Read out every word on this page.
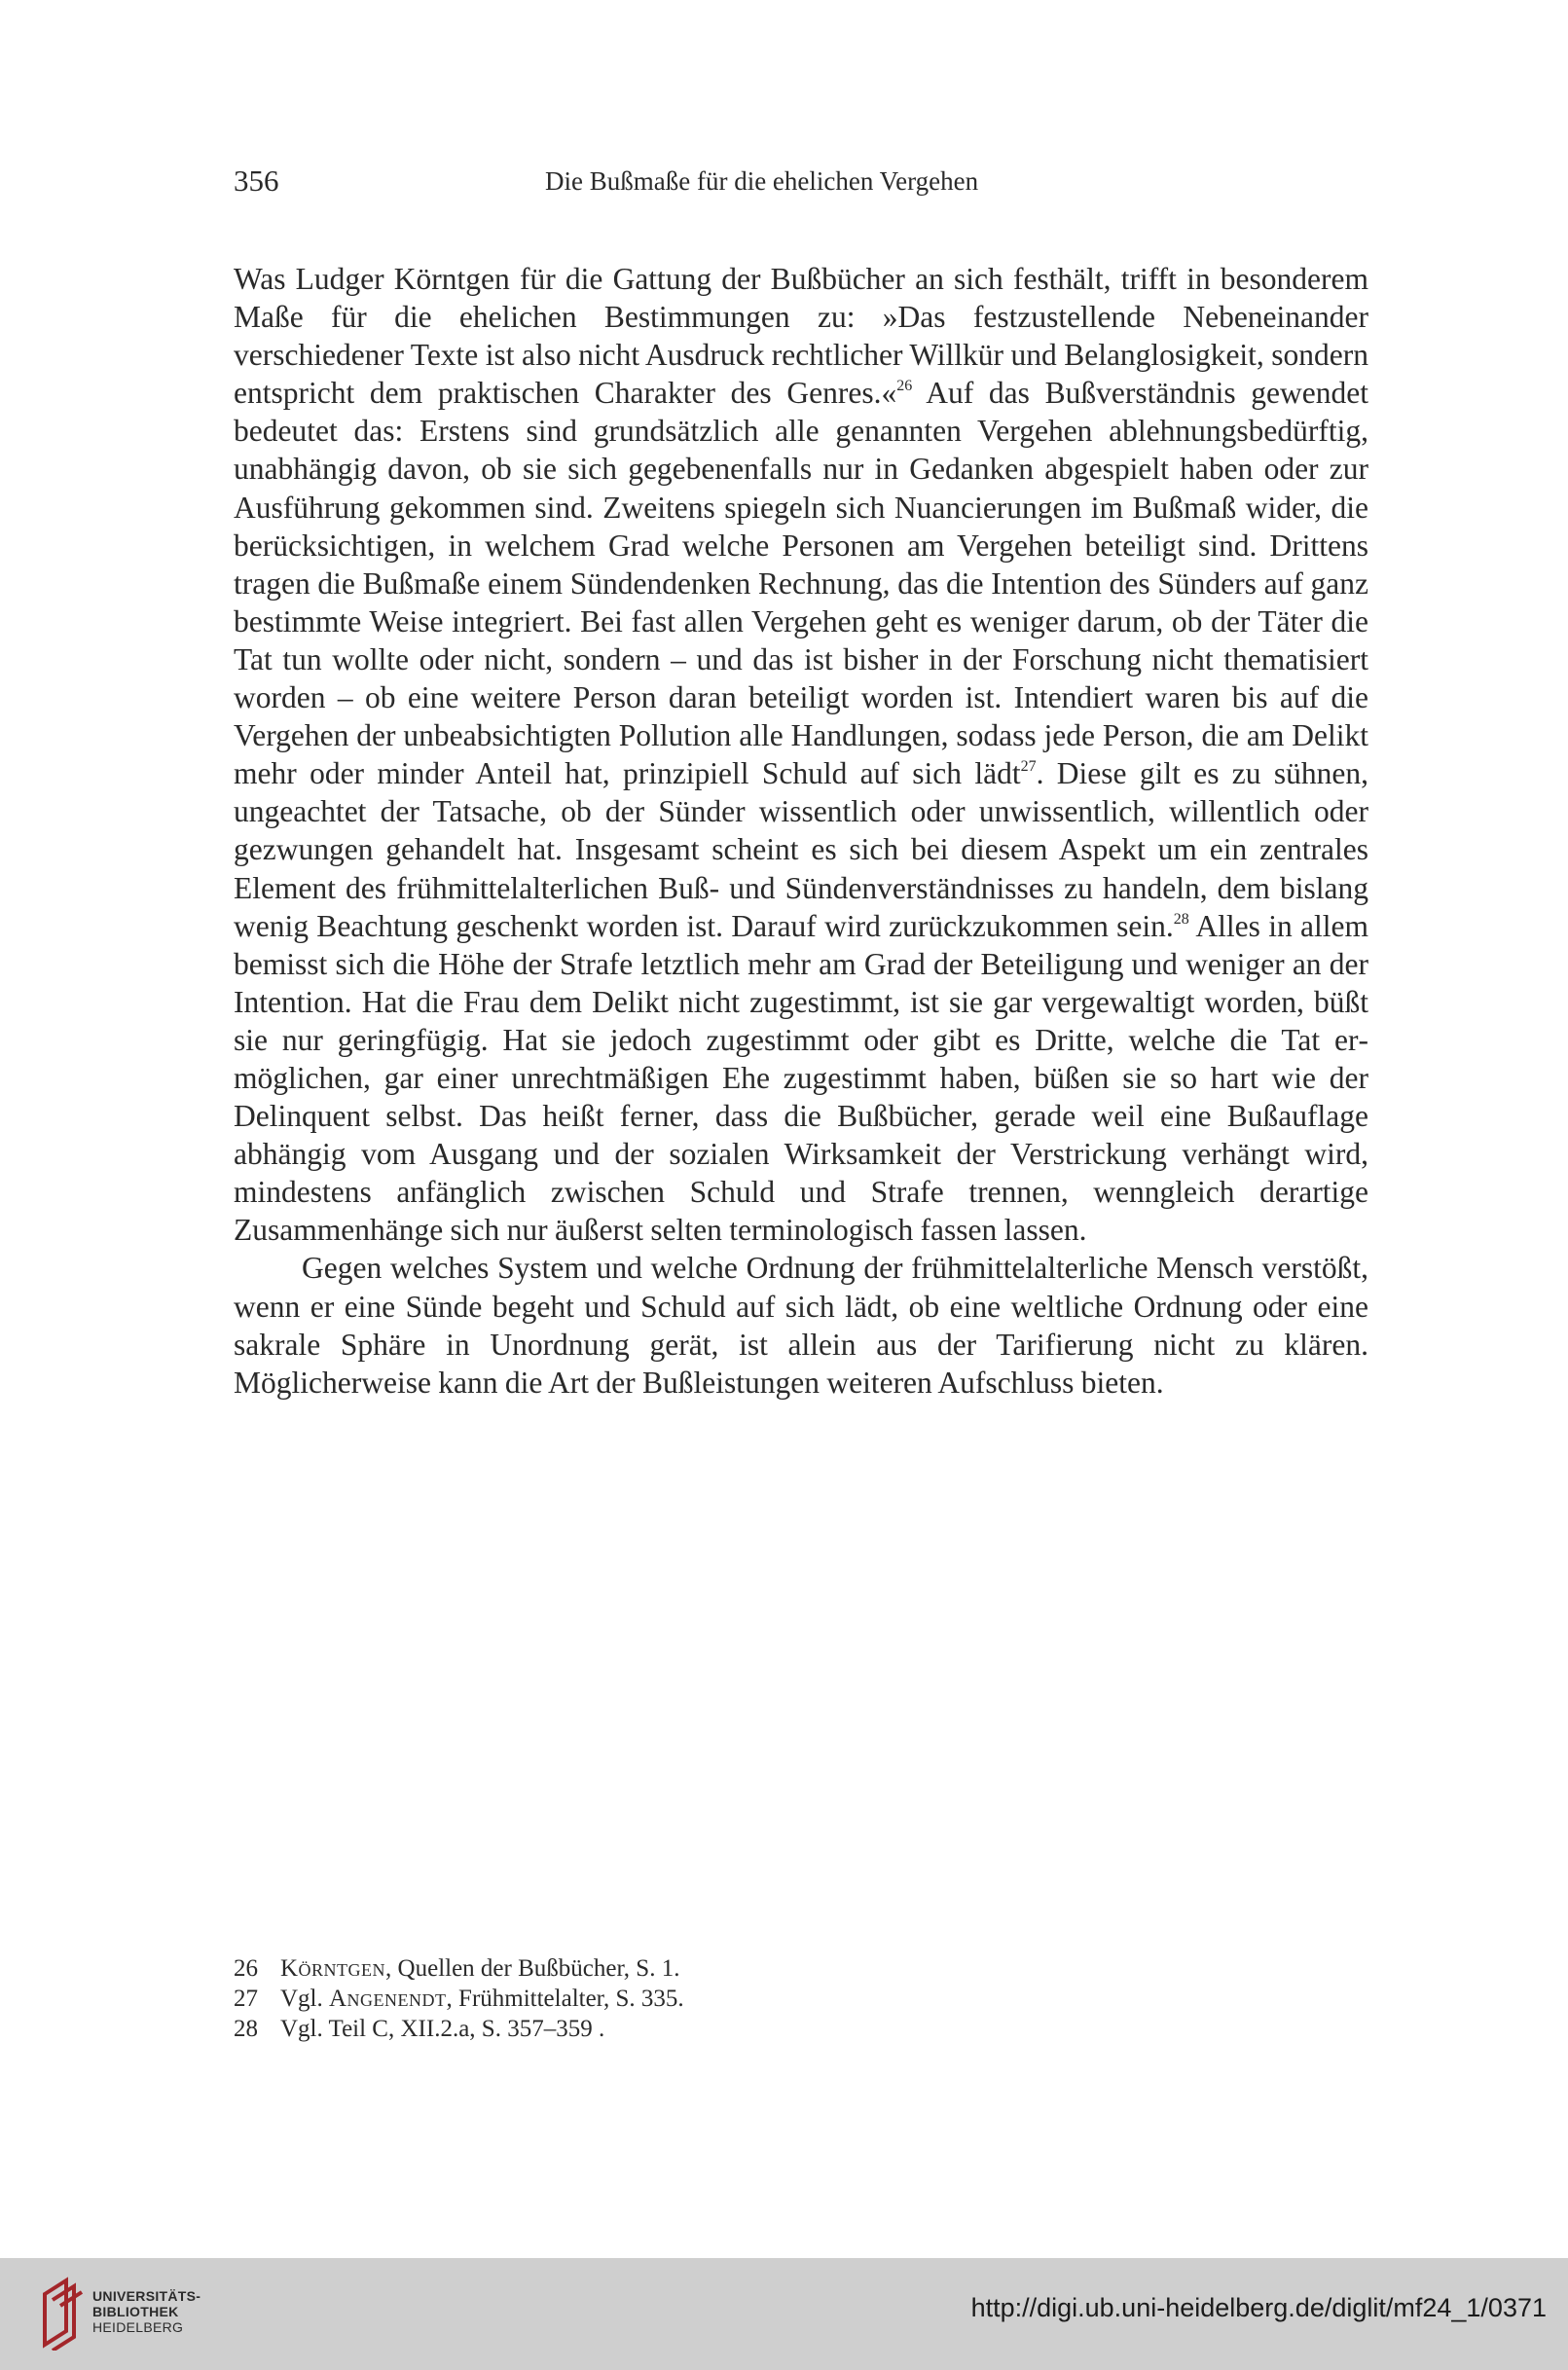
356	Die Bußmaße für die ehelichen Vergehen

Was Ludger Körntgen für die Gattung der Bußbücher an sich festhält, trifft in besonderem Maße für die ehelichen Bestimmungen zu: »Das festzustellende Nebeneinander verschiedener Texte ist also nicht Ausdruck rechtlicher Willkür und Belanglosigkeit, sondern entspricht dem praktischen Charakter des Genres.«$^{26}$ Auf das Bußverständnis gewendet bedeutet das: Erstens sind grundsätzlich alle genannten Vergehen ablehnungsbedürftig, unabhängig davon, ob sie sich gegebenenfalls nur in Gedanken abgespielt haben oder zur Ausführung gekommen sind. Zweitens spiegeln sich Nuancierungen im Bußmaß wider, die berücksichtigen, in welchem Grad welche Personen am Vergehen beteiligt sind. Drittens tragen die Bußmaße einem Sündendenken Rechnung, das die Intention des Sünders auf ganz bestimmte Weise integriert. Bei fast allen Vergehen geht es weniger darum, ob der Täter die Tat tun wollte oder nicht, sondern – und das ist bisher in der Forschung nicht thematisiert worden – ob eine weitere Person daran beteiligt worden ist. Intendiert waren bis auf die Vergehen der unbeabsichtigten Pollution alle Handlungen, sodass jede Person, die am Delikt mehr oder minder Anteil hat, prinzipiell Schuld auf sich lädt$^{27}$. Diese gilt es zu sühnen, ungeachtet der Tatsache, ob der Sünder wissentlich oder unwissentlich, willentlich oder gezwungen gehandelt hat. Insgesamt scheint es sich bei diesem Aspekt um ein zentrales Element des frühmittelalterlichen Buß- und Sündenverständnisses zu handeln, dem bislang wenig Beachtung geschenkt worden ist. Darauf wird zurückzukommen sein.$^{28}$ Alles in allem bemisst sich die Höhe der Strafe letztlich mehr am Grad der Beteiligung und weniger an der Intention. Hat die Frau dem Delikt nicht zugestimmt, ist sie gar vergewaltigt worden, büßt sie nur geringfügig. Hat sie jedoch zugestimmt oder gibt es Dritte, welche die Tat ermöglichen, gar einer unrechtmäßigen Ehe zugestimmt haben, büßen sie so hart wie der Delinquent selbst. Das heißt ferner, dass die Bußbücher, gerade weil eine Bußauflage abhängig vom Ausgang und der sozialen Wirksamkeit der Verstrickung verhängt wird, mindestens anfänglich zwischen Schuld und Strafe trennen, wenngleich derartige Zusammenhänge sich nur äußerst selten terminologisch fassen lassen.

Gegen welches System und welche Ordnung der frühmittelalterliche Mensch verstößt, wenn er eine Sünde begeht und Schuld auf sich lädt, ob eine weltliche Ordnung oder eine sakrale Sphäre in Unordnung gerät, ist allein aus der Tarifierung nicht zu klären. Möglicherweise kann die Art der Bußleistungen weiteren Aufschluss bieten.

26 Körntgen, Quellen der Bußbücher, S. 1.
27 Vgl. Angenendt, Frühmittelalter, S. 335.
28 Vgl. Teil C, XII.2.a, S. 357–359 .
UNIVERSITÄTS-
BIBLIOTHEK
HEIDELBERG
http://digi.ub.uni-heidelberg.de/diglit/mf24_1/0371
